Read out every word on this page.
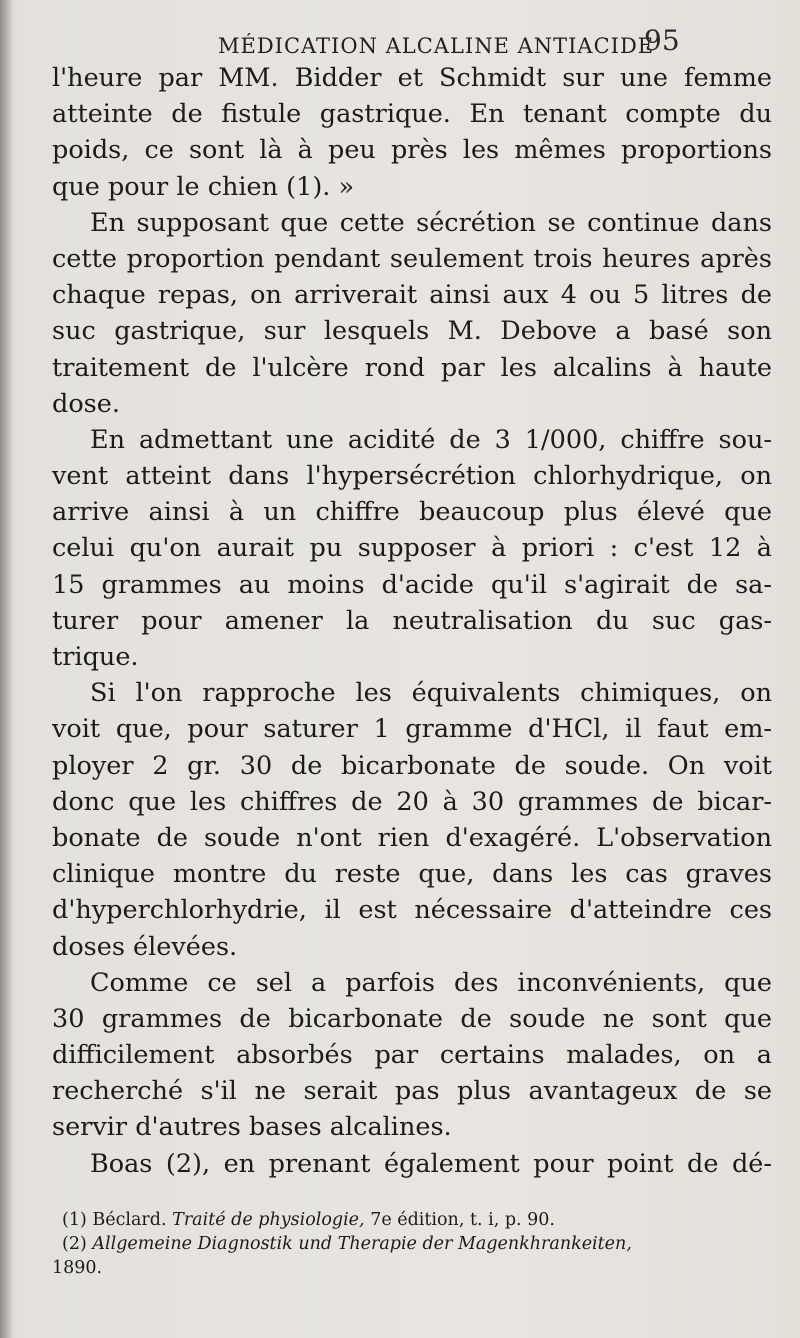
MÉDICATION ALCALINE ANTIACIDE
95
l'heure par MM. Bidder et Schmidt sur une femme
atteinte de fistule gastrique. En tenant compte du
poids, ce sont là à peu près les mêmes proportions
que pour le chien (1). »
En supposant que cette sécrétion se continue dans
cette proportion pendant seulement trois heures après
chaque repas, on arriverait ainsi aux 4 ou 5 litres de
suc gastrique, sur lesquels M. Debove a basé son
traitement de l'ulcère rond par les alcalins à haute
dose.
En admettant une acidité de 3 1/000, chiffre sou-
vent atteint dans l'hypersécrétion chlorhydrique, on
arrive ainsi à un chiffre beaucoup plus élevé que
celui qu'on aurait pu supposer à priori : c'est 12 à
15 grammes au moins d'acide qu'il s'agirait de sa-
turer pour amener la neutralisation du suc gas-
trique.
Si l'on rapproche les équivalents chimiques, on
voit que, pour saturer 1 gramme d'HCl, il faut em-
ployer 2 gr. 30 de bicarbonate de soude. On voit
donc que les chiffres de 20 à 30 grammes de bicar-
bonate de soude n'ont rien d'exagéré. L'observation
clinique montre du reste que, dans les cas graves
d'hyperchlorhydrie, il est nécessaire d'atteindre ces
doses élevées.
Comme ce sel a parfois des inconvénients, que
30 grammes de bicarbonate de soude ne sont que
difficilement absorbés par certains malades, on a
recherché s'il ne serait pas plus avantageux de se
servir d'autres bases alcalines.
Boas (2), en prenant également pour point de dé-
(1) Béclard. Traité de physiologie, 7e édition, t. i, p. 90.
(2) Allgemeine Diagnostik und Therapie der Magenkhrankeiten,
1890.
